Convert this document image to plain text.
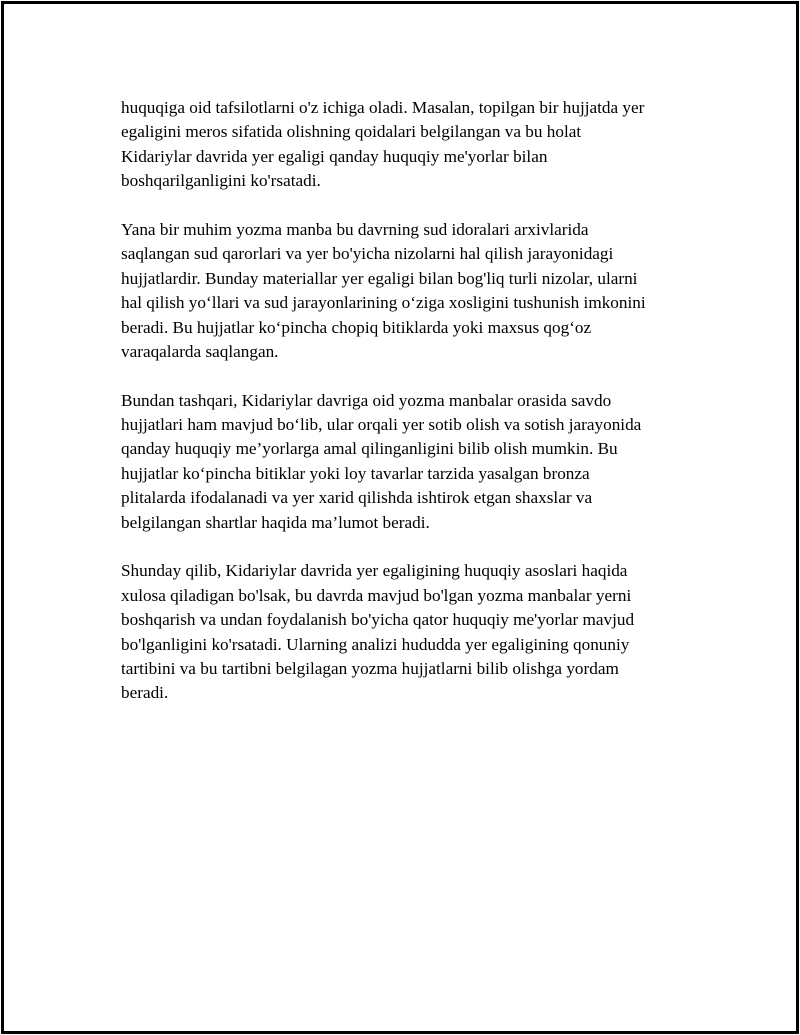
huquqiga oid tafsilotlarni o'z ichiga oladi. Masalan, topilgan bir hujjatda yer
egaligini meros sifatida olishning qoidalari belgilangan va bu holat
Kidariylar davrida yer egaligi qanday huquqiy me'yorlar bilan
boshqarilganligini ko'rsatadi.

Yana bir muhim yozma manba bu davrning sud idoralari arxivlarida
saqlangan sud qarorlari va yer bo'yicha nizolarni hal qilish jarayonidagi
hujjatlardir. Bunday materiallar yer egaligi bilan bog'liq turli nizolar, ularni
hal qilish yo‘llari va sud jarayonlarining o‘ziga xosligini tushunish imkonini
beradi. Bu hujjatlar ko‘pincha chopiq bitiklarda yoki maxsus qog‘oz
varaqalarda saqlangan.

Bundan tashqari, Kidariylar davriga oid yozma manbalar orasida savdo
hujjatlari ham mavjud bo‘lib, ular orqali yer sotib olish va sotish jarayonida
qanday huquqiy me’yorlarga amal qilinganligini bilib olish mumkin. Bu
hujjatlar ko‘pincha bitiklar yoki loy tavarlar tarzida yasalgan bronza
plitalarda ifodalanadi va yer xarid qilishda ishtirok etgan shaxslar va
belgilangan shartlar haqida ma’lumot beradi.

Shunday qilib, Kidariylar davrida yer egaligining huquqiy asoslari haqida
xulosa qiladigan bo'lsak, bu davrda mavjud bo'lgan yozma manbalar yerni
boshqarish va undan foydalanish bo'yicha qator huquqiy me'yorlar mavjud
bo'lganligini ko'rsatadi. Ularning analizi hududda yer egaligining qonuniy
tartibini va bu tartibni belgilagan yozma hujjatlarni bilib olishga yordam
beradi.
